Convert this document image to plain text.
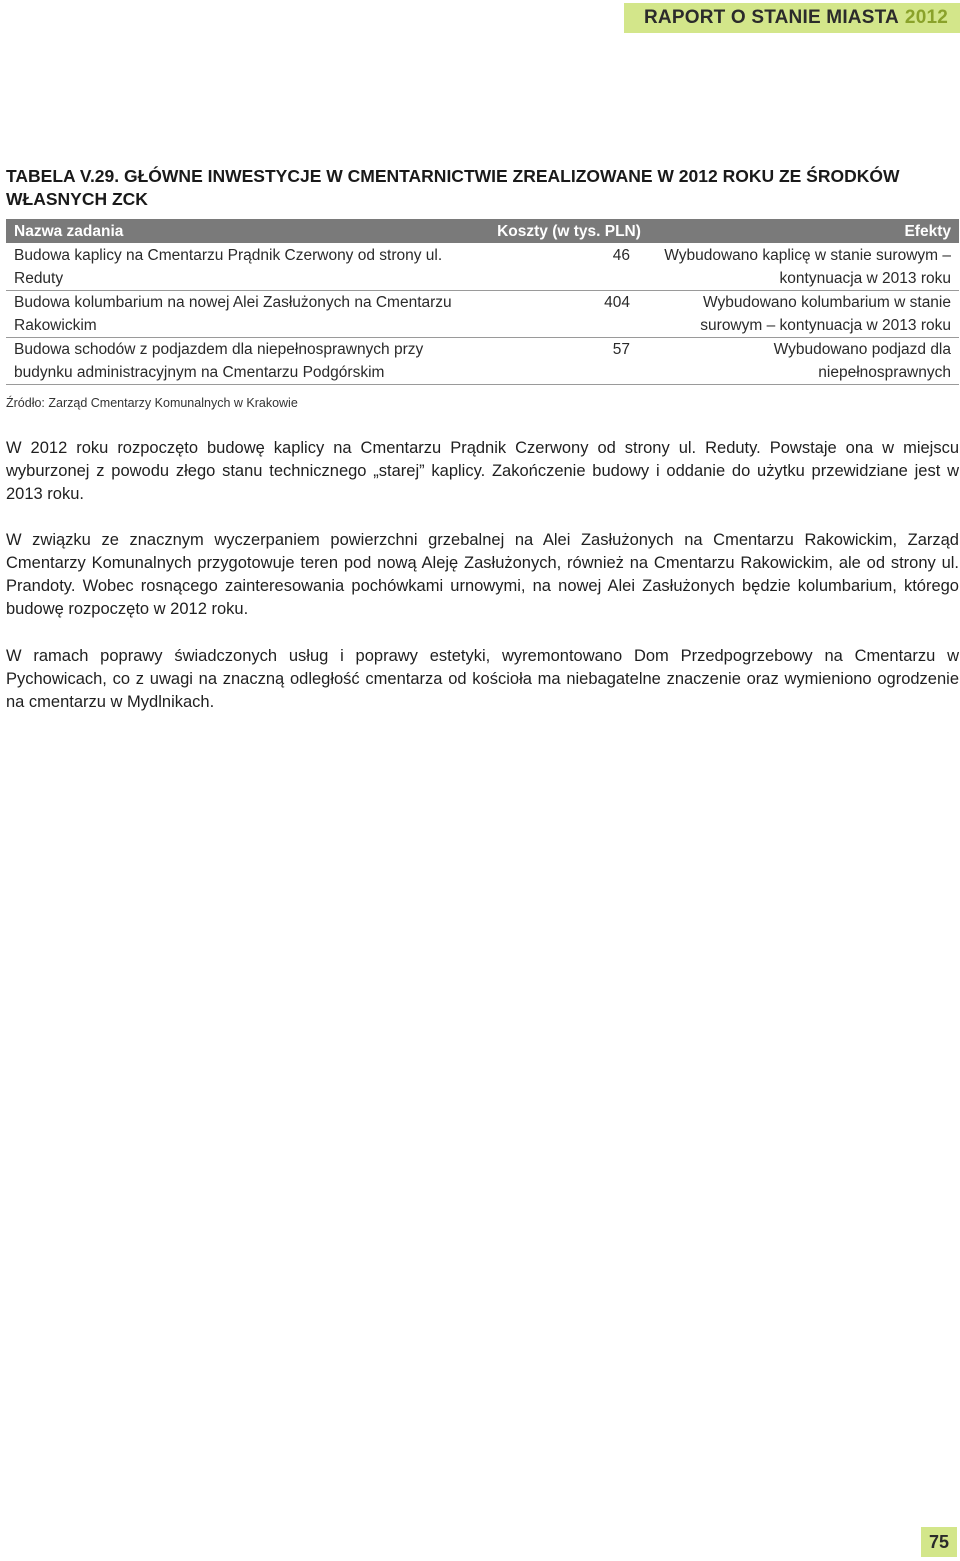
RAPORT O STANIE MIASTA 2012
TABELA V.29. GŁÓWNE INWESTYCJE W CMENTARNICTWIE ZREALIZOWANE W 2012 ROKU ZE ŚRODKÓW WŁASNYCH ZCK
Nazwa zadania	Koszty (w tys. PLN)	Efekty
Budowa kaplicy na Cmentarzu Prądnik Czerwony od strony ul. Reduty	46	Wybudowano kaplicę w stanie surowym – kontynuacja w 2013 roku
Budowa kolumbarium na nowej Alei Zasłużonych na Cmentarzu Rakowickim	404	Wybudowano kolumbarium w stanie surowym – kontynuacja w 2013 roku
Budowa schodów z podjazdem dla niepełnosprawnych przy budynku administracyjnym na Cmentarzu Podgórskim	57	Wybudowano podjazd dla niepełnosprawnych
Źródło: Zarząd Cmentarzy Komunalnych w Krakowie

W 2012 roku rozpoczęto budowę kaplicy na Cmentarzu Prądnik Czerwony od strony ul. Reduty. Powstaje ona w miejscu wyburzonej z powodu złego stanu technicznego „starej” kaplicy. Zakończenie budowy i oddanie do użytku przewidziane jest w 2013 roku.

W związku ze znacznym wyczerpaniem powierzchni grzebalnej na Alei Zasłużonych na Cmentarzu Rakowickim, Zarząd Cmentarzy Komunalnych przygotowuje teren pod nową Aleję Zasłużonych, również na Cmentarzu Rakowickim, ale od strony ul. Prandoty. Wobec rosnącego zainteresowania pochówkami urnowymi, na nowej Alei Zasłużonych będzie kolumbarium, którego budowę rozpoczęto w 2012 roku.

W ramach poprawy świadczonych usług i poprawy estetyki, wyremontowano Dom Przedpogrzebowy na Cmentarzu w Pychowicach, co z uwagi na znaczną odległość cmentarza od kościoła ma niebagatelne znaczenie oraz wymieniono ogrodzenie na cmentarzu w Mydlnikach.

75
